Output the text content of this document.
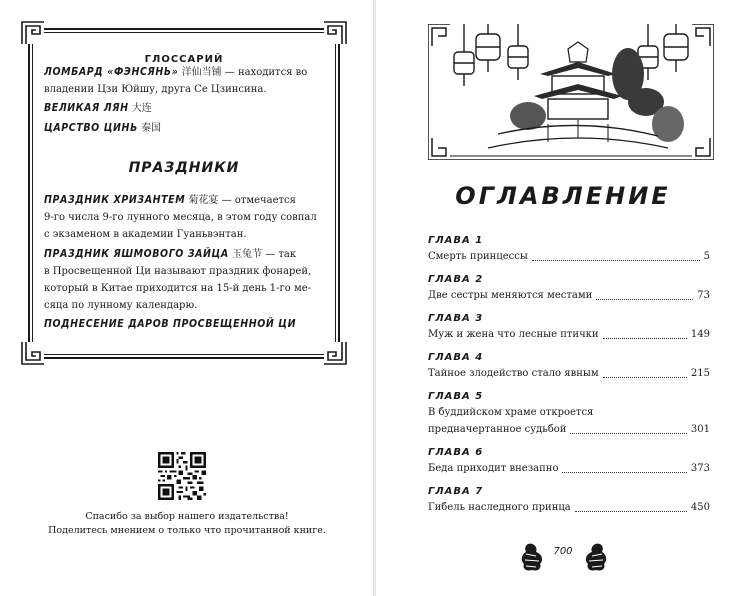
ГЛОССАРИЙ
ЛОМБАРД «ФЭНСЯНЬ» 洋仙当铺 — находится во
владении Цзи Юйшу, друга Се Цзинсина.
ВЕЛИКАЯ ЛЯН 大连
ЦАРСТВО ЦИНЬ 秦国
ПРАЗДНИКИ
ПРАЗДНИК ХРИЗАНТЕМ 菊花宴 — отмечается
9-го числа 9-го лунного месяца, в этом году совпал
с экзаменом в академии Гуаньвэнтан.
ПРАЗДНИК ЯШМОВОГО ЗАЙЦА 玉兔节 — так
в Просвещенной Ци называют праздник фонарей,
который в Китае приходится на 15-й день 1-го ме-
сяца по лунному календарю.
ПОДНЕСЕНИЕ ДАРОВ ПРОСВЕЩЕННОЙ ЦИ
Спасибо за выбор нашего издательства!
Поделитесь мнением о только что прочитанной книге.
ОГЛАВЛЕНИЕ
ГЛАВА 1
Смерть принцессы	5
ГЛАВА 2
Две сестры меняются местами	73
ГЛАВА 3
Муж и жена что лесные птички	149
ГЛАВА 4
Тайное злодейство стало явным	215
ГЛАВА 5
В буддийском храме откроется
предначертанное судьбой	301
ГЛАВА 6
Беда приходит внезапно	373
ГЛАВА 7
Гибель наследного принца	450
700
